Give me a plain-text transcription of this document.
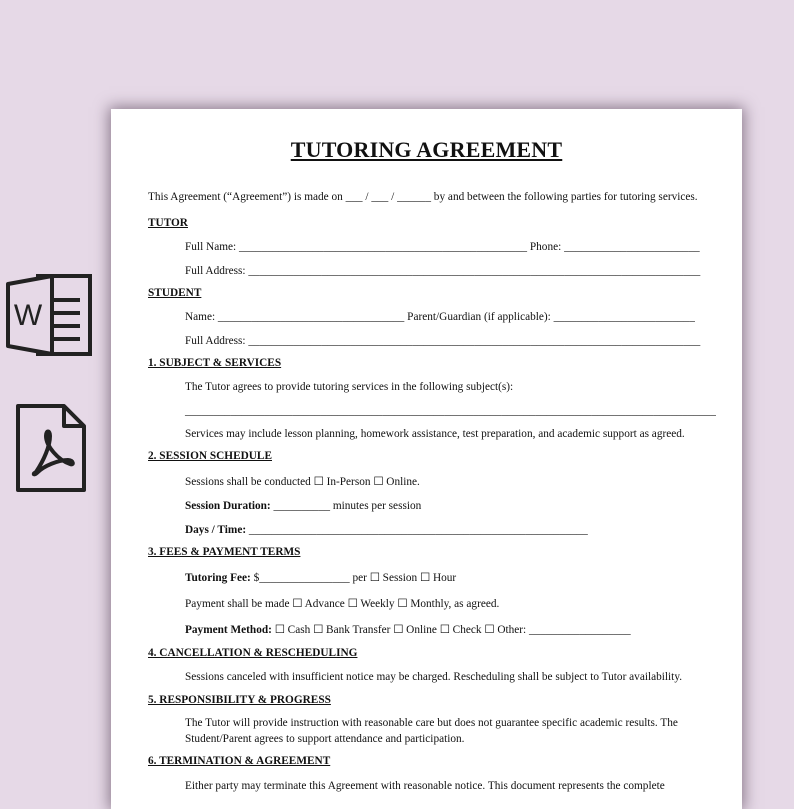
W
TUTORING AGREEMENT
This Agreement (“Agreement”) is made on ___ / ___ / ______ by and between the following parties for tutoring services.
TUTOR
Full Name: ___________________________________________________ Phone: ________________________
Full Address: ________________________________________________________________________________
STUDENT
Name: _________________________________ Parent/Guardian (if applicable): _________________________
Full Address: ________________________________________________________________________________
1. SUBJECT & SERVICES
The Tutor agrees to provide tutoring services in the following subject(s):
______________________________________________________________________________________________
Services may include lesson planning, homework assistance, test preparation, and academic support as agreed.
2. SESSION SCHEDULE
Sessions shall be conducted ☐ In-Person ☐ Online.
Session Duration: __________ minutes per session
Days / Time: ____________________________________________________________
3. FEES & PAYMENT TERMS
Tutoring Fee: $________________ per ☐ Session ☐ Hour
Payment shall be made ☐ Advance ☐ Weekly ☐ Monthly, as agreed.
Payment Method: ☐ Cash ☐ Bank Transfer ☐ Online ☐ Check ☐ Other: __________________
4. CANCELLATION & RESCHEDULING
Sessions canceled with insufficient notice may be charged. Rescheduling shall be subject to Tutor availability.
5. RESPONSIBILITY & PROGRESS
The Tutor will provide instruction with reasonable care but does not guarantee specific academic results. The
Student/Parent agrees to support attendance and participation.
6. TERMINATION & AGREEMENT
Either party may terminate this Agreement with reasonable notice. This document represents the complete
